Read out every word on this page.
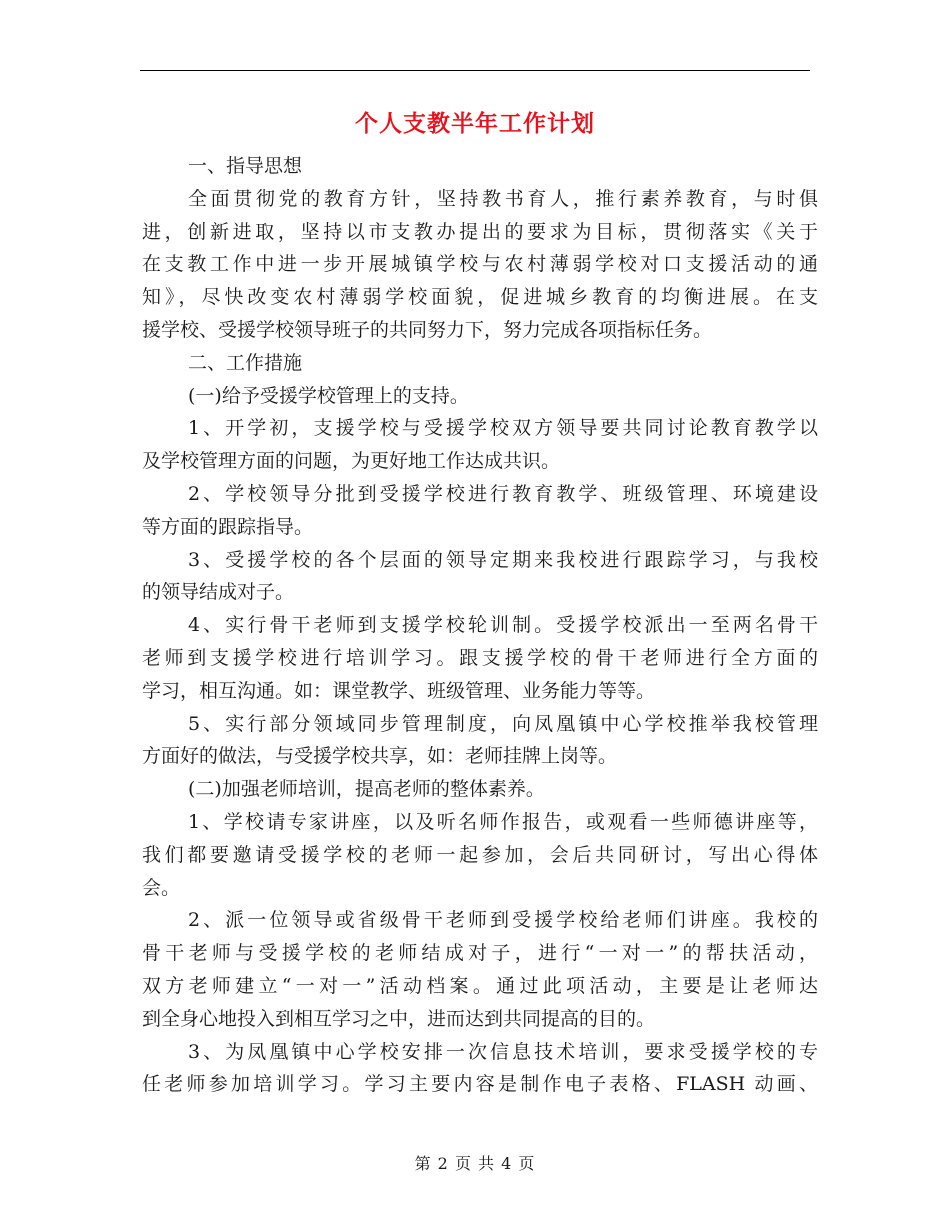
个人支教半年工作计划
一、指导思想
全面贯彻党的教育方针，坚持教书育人，推行素养教育，与时俱
进，创新进取，坚持以市支教办提出的要求为目标，贯彻落实《关于
在支教工作中进一步开展城镇学校与农村薄弱学校对口支援活动的通
知》，尽快改变农村薄弱学校面貌，促进城乡教育的均衡进展。在支
援学校、受援学校领导班子的共同努力下，努力完成各项指标任务。
二、工作措施
(一)给予受援学校管理上的支持。
1、开学初，支援学校与受援学校双方领导要共同讨论教育教学以
及学校管理方面的问题，为更好地工作达成共识。
2、学校领导分批到受援学校进行教育教学、班级管理、环境建设
等方面的跟踪指导。
3、受援学校的各个层面的领导定期来我校进行跟踪学习，与我校
的领导结成对子。
4、实行骨干老师到支援学校轮训制。受援学校派出一至两名骨干
老师到支援学校进行培训学习。跟支援学校的骨干老师进行全方面的
学习，相互沟通。如：课堂教学、班级管理、业务能力等等。
5、实行部分领域同步管理制度，向凤凰镇中心学校推举我校管理
方面好的做法，与受援学校共享，如：老师挂牌上岗等。
(二)加强老师培训，提高老师的整体素养。
1、学校请专家讲座，以及听名师作报告，或观看一些师德讲座等，
我们都要邀请受援学校的老师一起参加，会后共同研讨，写出心得体
会。
2、派一位领导或省级骨干老师到受援学校给老师们讲座。我校的
骨干老师与受援学校的老师结成对子，进行“一对一”的帮扶活动，
双方老师建立“一对一”活动档案。通过此项活动，主要是让老师达
到全身心地投入到相互学习之中，进而达到共同提高的目的。
3、为凤凰镇中心学校安排一次信息技术培训，要求受援学校的专
任老师参加培训学习。学习主要内容是制作电子表格、FLASH 动画、
第 2 页 共 4 页
